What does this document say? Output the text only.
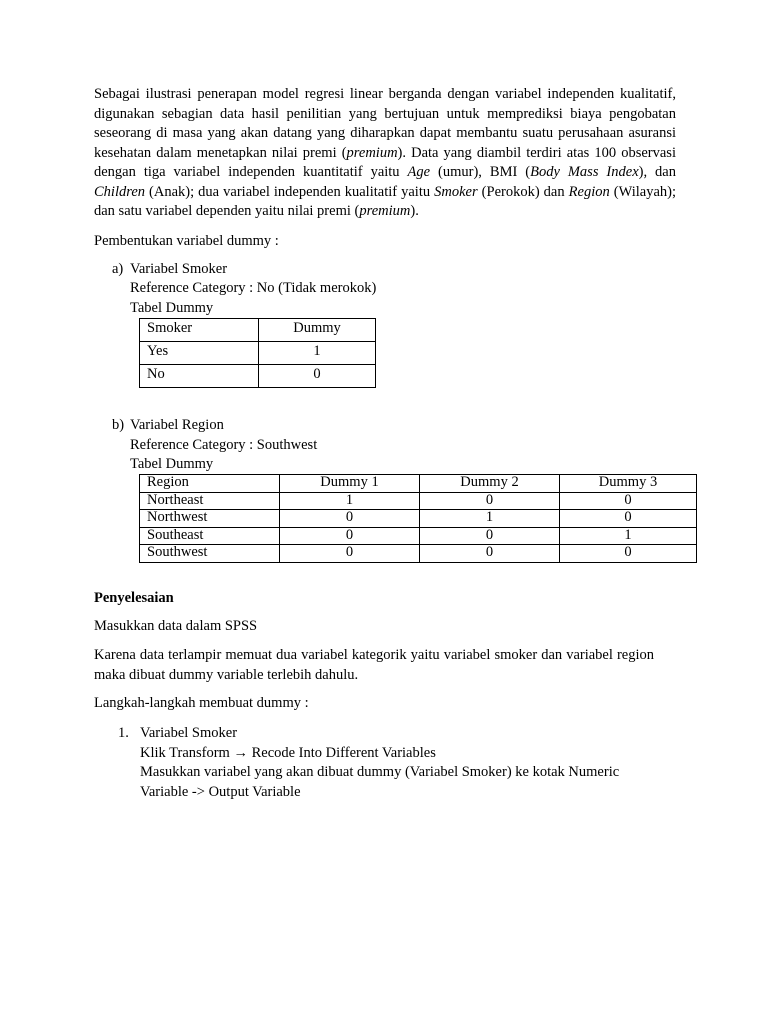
Sebagai ilustrasi penerapan model regresi linear berganda dengan variabel independen kualitatif, digunakan sebagian data hasil penilitian yang bertujuan untuk memprediksi biaya pengobatan seseorang di masa yang akan datang yang diharapkan dapat membantu suatu perusahaan asuransi kesehatan dalam menetapkan nilai premi (premium). Data yang diambil terdiri atas 100 observasi dengan tiga variabel independen kuantitatif yaitu Age (umur), BMI (Body Mass Index), dan Children (Anak); dua variabel independen kualitatif yaitu Smoker (Perokok) dan Region (Wilayah); dan satu variabel dependen yaitu nilai premi (premium).

Pembentukan variabel dummy :

a) Variabel Smoker

Reference Category : No (Tidak merokok)

Tabel Dummy

Smoker	Dummy
Yes	1
No	0
b) Variabel Region

Reference Category : Southwest

Tabel Dummy

Region	Dummy 1	Dummy 2	Dummy 3
Northeast	1	0	0
Northwest	0	1	0
Southeast	0	0	1
Southwest	0	0	0

Penyelesaian

Masukkan data dalam SPSS

Karena data terlampir memuat dua variabel kategorik yaitu variabel smoker dan variabel region maka dibuat dummy variable terlebih dahulu.

Langkah-langkah membuat dummy :

1. Variabel Smoker

Klik Transform → Recode Into Different Variables

Masukkan variabel yang akan dibuat dummy (Variabel Smoker) ke kotak Numeric

Variable -> Output Variable
